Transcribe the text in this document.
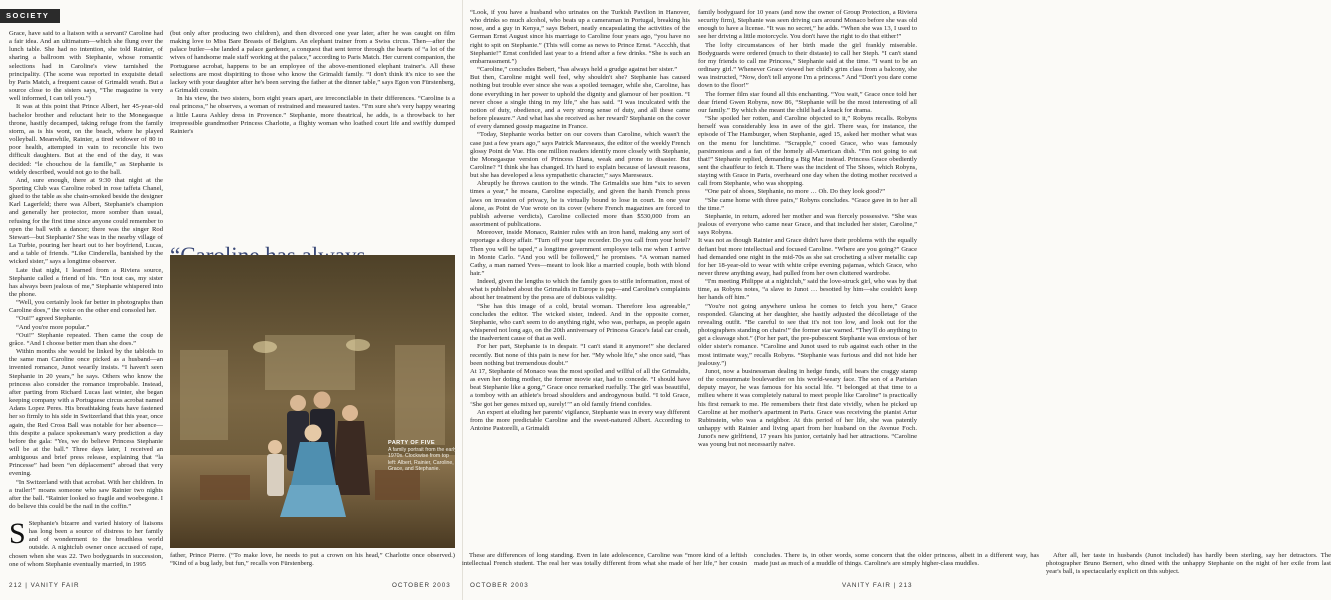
SOCIETY

Grace, have said to a liaison with a servant? Caroline had a fair idea. And an ultimatum—which she flung over the lunch table. She had no intention, she told Rainier, of sharing a ballroom with Stephanie, whose romantic selections had in Caroline's view tarnished the principality. (The scene was reported in exquisite detail by Paris Match, a frequent cause of Grimaldi wrath. But a source close to the sisters says, “The magazine is very well informed, I can tell you.”)

It was at this point that Prince Albert, her 45-year-old bachelor brother and reluctant heir to the Monegasque throne, hastily decamped, taking refuge from the family storm, as is his wont, on the beach, where he played volleyball. Meanwhile, Rainier, a tired widower of 80 in poor health, attempted in vain to reconcile his two difficult daughters. But at the end of the day, it was decided: “le chouchou de la famille,” as Stephanie is widely described, would not go to the ball.

And, sure enough, there at 9:30 that night at the Sporting Club was Caroline robed in rose taffeta Chanel, glued to the table as she chain-smoked beside the designer Karl Lagerfeld; there was Albert, Stephanie's champion and generally her protector, more somber than usual, refusing for the first time since anyone could remember to open the ball with a dancer; there was the singer Rod Stewart—but Stephanie? She was in the nearby village of La Turbie, pouring her heart out to her boyfriend, Lucas, and a table of friends. “Like Cinderella, banished by the wicked sister,” says a longtime observer.

Late that night, I learned from a Riviera source, Stephanie called a friend of his. “En tout cas, my sister has always been jealous of me,” Stephanie whispered into the phone.

“Well, you certainly look far better in photographs than Caroline does,” the voice on the other end consoled her.

“Oui!” agreed Stephanie.

“And you're more popular.”

“Oui!” Stephanie repeated. Then came the coup de grâce. “And I choose better men than she does.”

Within months she would be linked by the tabloids to the same man Caroline once picked as a husband—an invented romance, Junot wearily insists. “I haven't seen Stephanie in 20 years,” he says. Others who know the princess also consider the romance improbable. Instead, after parting from Richard Lucas last winter, she began keeping company with a Portuguese circus acrobat named Adans Lopez Peres. His breathtaking feats have fastened her so firmly to his side in Switzerland that this year, once again, the Red Cross Ball was notable for her absence—this despite a palace spokesman's wary prediction a day before the gala: “Yes, we do believe Princess Stephanie will be at the ball.” Three days later, I received an ambiguous and brief press release, explaining that “la Princesse” had been “en déplacement” abroad that very evening.

“In Switzerland with that acrobat. With her children. In a trailer!” moans someone who saw Rainier two nights after the ball. “Rainier looked so fragile and woebegone. I do believe this could be the nail in the coffin.”

S Stephanie's bizarre and varied history of liaisons has long been a source of distress to her family and of wonderment to the breathless world outside. A nightclub owner once accused of rape, chosen when she was 22. Two bodyguards in succession, one of whom Stephanie eventually married, in 1995

(but only after producing two children), and then divorced one year later, after he was caught on film making love to Miss Bare Breasts of Belgium. An elephant trainer from a Swiss circus. Then—after the palace butler—she landed a palace gardener, a conquest that sent terror through the hearts of “a lot of the wives of handsome male staff working at the palace,” according to Paris Match. Her current companion, the Portuguese acrobat, happens to be an employee of the above-mentioned elephant trainer's. All these selections are most dispiriting to those who know the Grimaldi family. “I don't think it's nice to see the lackey with your daughter after he's been serving the father at the dinner table,” says Egon von Fürstenberg, a Grimaldi cousin.

In his view, the two sisters, born eight years apart, are irreconcilable in their differences. “Caroline is a real princess,” he observes, a woman of restrained and measured tastes. “I'm sure she's very happy wearing a little Laura Ashley dress in Provence.” Stephanie, more theatrical, he adds, is a throwback to her irrepressible grandmother Princess Charlotte, a flighty woman who loathed court life and swiftly dumped Rainier's

PARTY OF FIVE
A family portrait from the early 1970s. Clockwise from top left: Albert, Rainier, Caroline, Grace, and Stephanie.

father, Prince Pierre. (“To make love, he needs to put a crown on his head,” Charlotte once observed.) “Kind of a bug lady, but fun,” recalls von Fürstenberg.

These are differences of long standing. Even in late adolescence, Caroline was “more kind of a leftish intellectual French student. The real her was totally different from what she made of her life,” her cousin concludes. There is, in other words, some concern that the older princess, albeit in a different way, has made just as much of a muddle of things. Caroline's are simply higher-class muddles.

After all, her taste in husbands (Junot included) has hardly been sterling, say her detractors. The photographer Bruno Bernert, who dined with the unhappy Stephanie on the night of her exile from last year's ball, is spectacularly explicit on this subject.

“Look, if you have a husband who urinates on the Turkish Pavilion in Hanover, who drinks so much alcohol, who beats up a cameraman in Portugal, breaking his nose, and a guy in Kenya,” says Bebert, neatly encapsulating the activities of the German Ernst August since his marriage to Caroline four years ago, “you have no right to spit on Stephanie.” (This will come as news to Prince Ernst. “Accchh, that Stephanie!” Ernst confided last year to a friend after a few drinks. “She is such an embarrassment.”)

“Caroline,” concludes Bebert, “has always held a grudge against her sister.”

But then, Caroline might well feel, why shouldn't she? Stephanie has caused nothing but trouble ever since she was a spoiled teenager, while she, Caroline, has done everything in her power to uphold the dignity and glamour of her position. “I never chose a single thing in my life,” she has said. “I was inculcated with the notion of duty, obedience, and a very strong sense of duty, and all these came before pleasure.” And what has she received as her reward? Stephanie on the cover of every damned gossip magazine in France.

“Today, Stephanie works better on our covers than Caroline, which wasn't the case just a few years ago,” says Patrick Mareseaux, the editor of the weekly French glossy Point de Vue. His one million readers identify more closely with Stephanie, the Monegasque version of Princess Diana, weak and prone to disaster. But Caroline? “I think she has changed. It's hard to explain because of lawsuit reasons, but she has developed a less sympathetic character,” says Mareseaux.

Abruptly he throws caution to the winds. The Grimaldis sue him “six to seven times a year,” he moans, Caroline especially, and given the harsh French press laws on invasion of privacy, he is virtually bound to lose in court. In one year alone, as Point de Vue wrote on its cover (where French magazines are forced to publish adverse verdicts), Caroline collected more than $530,000 from an assortment of publications.

Moreover, inside Monaco, Rainier rules with an iron hand, making any sort of reportage a dicey affair. “Turn off your tape recorder. Do you call from your hotel? Then you will be taped,” a longtime government employee tells me when I arrive in Monte Carlo. “And you will be followed,” he promises. “A woman named Cathy, a man named Yves—meant to look like a married couple, both with blond hair.”

Indeed, given the lengths to which the family goes to stifle information, most of what is published about the Grimaldis in Europe is pap—and Caroline's complaints about her treatment by the press are of dubious validity.

“She has this image of a cold, brutal woman. Therefore less agreeable,” concludes the editor. The wicked sister, indeed. And in the opposite corner, Stephanie, who can't seem to do anything right, who was, perhaps, as people again whispered not long ago, on the 20th anniversary of Princess Grace's fatal car crash, the inadvertent cause of that as well.

For her part, Stephanie is in despair. “I can't stand it anymore!” she declared recently. But none of this pain is new for her. “My whole life,” she once said, “has been nothing but tremendous doubt.”

At 17, Stephanie of Monaco was the most spoiled and willful of all the Grimaldis, as even her doting mother, the former movie star, had to concede. “I should have beat Stephanie like a gong,” Grace once remarked ruefully. The girl was beautiful, a tomboy with an athlete's broad shoulders and androgynous build. “I told Grace, ‘She got her genes mixed up, surely!’” an old family friend confides.

An expert at eluding her parents' vigilance, Stephanie was in every way different from the more predictable Caroline and the sweet-natured Albert. According to Antoine Pastorelli, a Grimaldi

family bodyguard for 10 years (and now the owner of Group Protection, a Riviera security firm), Stephanie was seen driving cars around Monaco before she was old enough to have a license. “It was no secret,” he adds. “When she was 13, I used to see her driving a little motorcycle. You don't have the right to do that either!”

The lofty circumstances of her birth made the girl frankly miserable. Bodyguards were ordered (much to their distaste) to call her Steph. “I can't stand for my friends to call me Princess,” Stephanie said at the time. “I want to be an ordinary girl.” Whenever Grace viewed her child's grim class from a balcony, she was instructed, “Now, don't tell anyone I'm a princess.” And “Don't you dare come down to the floor!”

The former film star found all this enchanting. “You wait,” Grace once told her dear friend Gwen Robyns, now 86, “Stephanie will be the most interesting of all our family.” By which she meant the child had a knack for drama.

“She spoiled her rotten, and Caroline objected to it,” Robyns recalls. Robyns herself was considerably less in awe of the girl. There was, for instance, the episode of The Hamburger, when Stephanie, aged 15, asked her mother what was on the menu for lunchtime. “Scrapple,” cooed Grace, who was famously parsimonious and a fan of the homely all-American dish. “I'm not going to eat that!” Stephanie replied, demanding a Big Mac instead. Princess Grace obediently sent the chauffeur to fetch it. There was the incident of The Shoes, which Robyns, staying with Grace in Paris, overheard one day when the doting mother received a call from Stephanie, who was shopping.

“One pair of shoes, Stephanie, no more … Oh. Do they look good?”

“She came home with three pairs,” Robyns concludes. “Grace gave in to her all the time.”

Stephanie, in return, adored her mother and was fiercely possessive. “She was jealous of everyone who came near Grace, and that included her sister, Caroline,” says Robyns.

It was not as though Rainier and Grace didn't have their problems with the equally defiant but more intellectual and focused Caroline. “Where are you going?” Grace had demanded one night in the mid-70s as she sat crocheting a silver metallic cap for her 18-year-old to wear with white crêpe evening pajamas, which Grace, who never threw anything away, had pulled from her own cluttered wardrobe.

“I'm meeting Philippe at a nightclub,” said the love-struck girl, who was by that time, as Robyns notes, “a slave to Junot … besotted by him—she couldn't keep her hands off him.”

“You're not going anywhere unless he comes to fetch you here,” Grace responded. Glancing at her daughter, she hastily adjusted the décolletage of the revealing outfit. “Be careful to see that it's not too low, and look out for the photographers standing on chairs!” the former star warned. “They'll do anything to get a cleavage shot.” (For her part, the pre-pubescent Stephanie was envious of her older sister's romance. “Caroline and Junot used to rub against each other in the most intimate way,” recalls Robyns. “Stephanie was furious and did not hide her jealousy.”)

Junot, now a businessman dealing in hedge funds, still bears the craggy stamp of the consummate boulevardier on his world-weary face. The son of a Parisian deputy mayor, he was famous for his social life. “I belonged at that time to a milieu where it was completely natural to meet people like Caroline” is practically his first remark to me. He remembers their first date vividly, when he picked up Caroline at her mother's apartment in Paris. Grace was receiving the pianist Artur Rubinstein, who was a neighbor. At this period of her life, she was patently unhappy with Rainier and living apart from her husband on the Avenue Foch. Junot's new girlfriend, 17 years his junior, certainly had her attractions. “Caroline was young but not necessarily naïve.

212 | VANITY FAIR	OCTOBER 2003	OCTOBER 2003	VANITY FAIR | 213
